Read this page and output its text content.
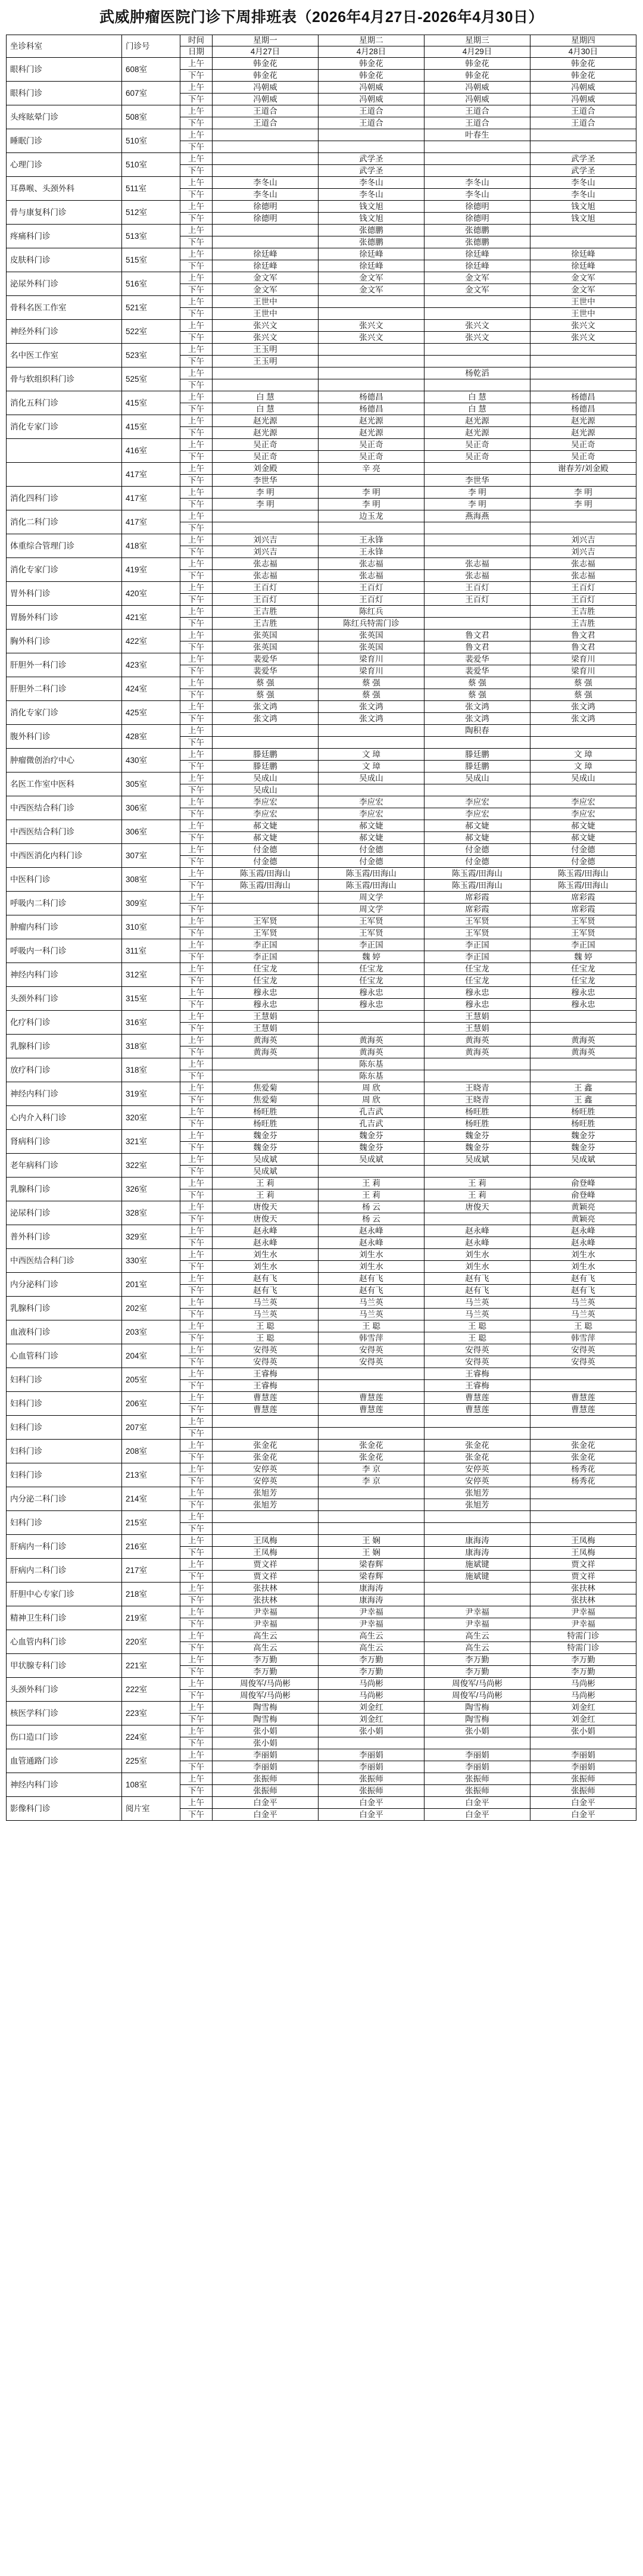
武威肿瘤医院门诊下周排班表（2026年4月27日-2026年4月30日）
坐诊科室	门诊号	时间	星期一	星期二	星期三	星期四
		日期	4月27日	4月28日	4月29日	4月30日
眼科门诊	608室	上午	韩金花	韩金花	韩金花	韩金花
		下午	韩金花	韩金花	韩金花	韩金花
眼科门诊	607室	上午	冯朝威	冯朝威	冯朝威	冯朝威
		下午	冯朝威	冯朝威	冯朝威	冯朝威
头疼眩晕门诊	508室	上午	王道合	王道合	王道合	王道合
		下午	王道合	王道合	王道合	王道合
睡眠门诊	510室	上午			叶春生	
		下午				
心理门诊	510室	上午		武学圣		武学圣
		下午		武学圣		武学圣
耳鼻喉、头颈外科	511室	上午	李冬山	李冬山	李冬山	李冬山
		下午	李冬山	李冬山	李冬山	李冬山
骨与康复科门诊	512室	上午	徐德明	钱文旭	徐德明	钱文旭
		下午	徐德明	钱文旭	徐德明	钱文旭
疼痛科门诊	513室	上午		张德鹏	张德鹏	
		下午		张德鹏	张德鹏	
皮肤科门诊	515室	上午	徐廷峰	徐廷峰	徐廷峰	徐廷峰
		下午	徐廷峰	徐廷峰	徐廷峰	徐廷峰
泌尿外科门诊	516室	上午	金文军	金文军	金文军	金文军
		下午	金文军	金文军	金文军	金文军
骨科名医工作室	521室	上午	王世中			王世中
		下午	王世中			王世中
神经外科门诊	522室	上午	张兴文	张兴文	张兴文	张兴文
		下午	张兴文	张兴文	张兴文	张兴文
名中医工作室	523室	上午	王玉明			
		下午	王玉明			
骨与软组织科门诊	525室	上午			杨乾滔	
		下午				
消化五科门诊	415室	上午	白 慧	杨德昌	白 慧	杨德昌
		下午	白 慧	杨德昌	白 慧	杨德昌
消化专家门诊	415室	上午	赵光源	赵光源	赵光源	赵光源
		下午	赵光源	赵光源	赵光源	赵光源
	416室	上午	吴正奇	吴正奇	吴正奇	吴正奇
		下午	吴正奇	吴正奇	吴正奇	吴正奇
	417室	上午	刘金殿	辛 亮		谢春芳/刘金殿
		下午	李世华		李世华	
消化四科门诊	417室	上午	李 明	李 明	李 明	李 明
		下午	李 明	李 明	李 明	李 明
消化二科门诊	417室	上午		边玉龙	燕海燕	
		下午				
体重综合管理门诊	418室	上午	刘兴吉	王永锋		刘兴吉
		下午	刘兴吉	王永锋		刘兴吉
消化专家门诊	419室	上午	张志福	张志福	张志福	张志福
		下午	张志福	张志福	张志福	张志福
胃外科门诊	420室	上午	王百灯	王百灯	王百灯	王百灯
		下午	王百灯	王百灯	王百灯	王百灯
胃肠外科门诊	421室	上午	王吉胜	陈红兵		王吉胜
		下午	王吉胜	陈红兵特需门诊		王吉胜
胸外科门诊	422室	上午	张英国	张英国	鲁文君	鲁文君
		下午	张英国	张英国	鲁文君	鲁文君
肝胆外一科门诊	423室	上午	裴爱华	梁育川	裴爱华	梁育川
		下午	裴爱华	梁育川	裴爱华	梁育川
肝胆外二科门诊	424室	上午	蔡 强	蔡 强	蔡 强	蔡 强
		下午	蔡 强	蔡 强	蔡 强	蔡 强
消化专家门诊	425室	上午	张文鸿	张文鸿	张文鸿	张文鸿
		下午	张文鸿	张文鸿	张文鸿	张文鸿
腹外科门诊	428室	上午			陶积春	
		下午				
肿瘤微创治疗中心	430室	上午	滕廷鹏	文 璋	滕廷鹏	文 璋
		下午	滕廷鹏	文 璋	滕廷鹏	文 璋
名医工作室中医科	305室	上午	吴成山	吴成山	吴成山	吴成山
		下午	吴成山			
中西医结合科门诊	306室	上午	李应宏	李应宏	李应宏	李应宏
		下午	李应宏	李应宏	李应宏	李应宏
中西医结合科门诊	306室	上午	郝文婕	郝文婕	郝文婕	郝文婕
		下午	郝文婕	郝文婕	郝文婕	郝文婕
中西医消化内科门诊	307室	上午	付金德	付金德	付金德	付金德
		下午	付金德	付金德	付金德	付金德
中医科门诊	308室	上午	陈玉霞/田海山	陈玉霞/田海山	陈玉霞/田海山	陈玉霞/田海山
		下午	陈玉霞/田海山	陈玉霞/田海山	陈玉霞/田海山	陈玉霞/田海山
呼吸内二科门诊	309室	上午		周文学	席彩霞	席彩霞
		下午		周文学	席彩霞	席彩霞
肿瘤内科门诊	310室	上午	王军贤	王军贤	王军贤	王军贤
		下午	王军贤	王军贤	王军贤	王军贤
呼吸内一科门诊	311室	上午	李正国	李正国	李正国	李正国
		下午	李正国	魏 婷	李正国	魏 婷
神经内科门诊	312室	上午	任宝龙	任宝龙	任宝龙	任宝龙
		下午	任宝龙	任宝龙	任宝龙	任宝龙
头颈外科门诊	315室	上午	穆永忠	穆永忠	穆永忠	穆永忠
		下午	穆永忠	穆永忠	穆永忠	穆永忠
化疗科门诊	316室	上午	王慧娟		王慧娟	
		下午	王慧娟		王慧娟	
乳腺科门诊	318室	上午	黄海英	黄海英	黄海英	黄海英
		下午	黄海英	黄海英	黄海英	黄海英
放疗科门诊	318室	上午		陈东基		
		下午		陈东基		
神经内科门诊	319室	上午	焦爱菊	周 欣	王晓青	王 鑫
		下午	焦爱菊	周 欣	王晓青	王 鑫
心内介入科门诊	320室	上午	杨旺胜	孔吉武	杨旺胜	杨旺胜
		下午	杨旺胜	孔吉武	杨旺胜	杨旺胜
肾病科门诊	321室	上午	魏金芬	魏金芬	魏金芬	魏金芬
		下午	魏金芬	魏金芬	魏金芬	魏金芬
老年病科门诊	322室	上午	吴成斌	吴成斌	吴成斌	吴成斌
		下午	吴成斌			
乳腺科门诊	326室	上午	王 莉	王 莉	王 莉	俞登峰
		下午	王 莉	王 莉	王 莉	俞登峰
泌尿科门诊	328室	上午	唐俊天	杨 云	唐俊天	黄颖亮
		下午	唐俊天	杨 云		黄颖亮
普外科门诊	329室	上午	赵永峰	赵永峰	赵永峰	赵永峰
		下午	赵永峰	赵永峰	赵永峰	赵永峰
中西医结合科门诊	330室	上午	刘生水	刘生水	刘生水	刘生水
		下午	刘生水	刘生水	刘生水	刘生水
内分泌科门诊	201室	上午	赵有飞	赵有飞	赵有飞	赵有飞
		下午	赵有飞	赵有飞	赵有飞	赵有飞
乳腺科门诊	202室	上午	马兰英	马兰英	马兰英	马兰英
		下午	马兰英	马兰英	马兰英	马兰英
血液科门诊	203室	上午	王 聪	王 聪	王 聪	王 聪
		下午	王 聪	韩雪萍	王 聪	韩雪萍
心血管科门诊	204室	上午	安得英	安得英	安得英	安得英
		下午	安得英	安得英	安得英	安得英
妇科门诊	205室	上午	王睿梅		王睿梅	
		下午	王睿梅		王睿梅	
妇科门诊	206室	上午	曹慧莲	曹慧莲	曹慧莲	曹慧莲
		下午	曹慧莲	曹慧莲	曹慧莲	曹慧莲
妇科门诊	207室	上午				
		下午				
妇科门诊	208室	上午	张金花	张金花	张金花	张金花
		下午	张金花	张金花	张金花	张金花
妇科门诊	213室	上午	安停英	李 京	安停英	杨秀花
		下午	安停英	李 京	安停英	杨秀花
内分泌二科门诊	214室	上午	张旭芳		张旭芳	
		下午	张旭芳		张旭芳	
妇科门诊	215室	上午				
		下午				
肝病内一科门诊	216室	上午	王凤梅	王 娴	康海涛	王凤梅
		下午	王凤梅	王 娴	康海涛	王凤梅
肝病内二科门诊	217室	上午	贾文祥	梁春辉	施斌键	贾文祥
		下午	贾文祥	梁春辉	施斌键	贾文祥
肝胆中心专家门诊	218室	上午	张扶林	康海涛		张扶林
		下午	张扶林	康海涛		张扶林
精神卫生科门诊	219室	上午	尹幸福	尹幸福	尹幸福	尹幸福
		下午	尹幸福	尹幸福	尹幸福	尹幸福
心血管内科门诊	220室	上午	高生云	高生云	高生云	特需门诊
		下午	高生云	高生云	高生云	特需门诊
甲状腺专科门诊	221室	上午	李万勤	李万勤	李万勤	李万勤
		下午	李万勤	李万勤	李万勤	李万勤
头颈外科门诊	222室	上午	周俊军/马尚彬	马尚彬	周俊军/马尚彬	马尚彬
		下午	周俊军/马尚彬	马尚彬	周俊军/马尚彬	马尚彬
核医学科门诊	223室	上午	陶雪梅	刘金红	陶雪梅	刘金红
		下午	陶雪梅	刘金红	陶雪梅	刘金红
伤口造口门诊	224室	上午	张小娟	张小娟	张小娟	张小娟
		下午	张小娟			
血管通路门诊	225室	上午	李丽娟	李丽娟	李丽娟	李丽娟
		下午	李丽娟	李丽娟	李丽娟	李丽娟
神经内科门诊	108室	上午	张振师	张振师	张振师	张振师
		下午	张振师	张振师	张振师	张振师
影像科门诊	阅片室	上午	白金平	白金平	白金平	白金平
		下午	白金平	白金平	白金平	白金平
